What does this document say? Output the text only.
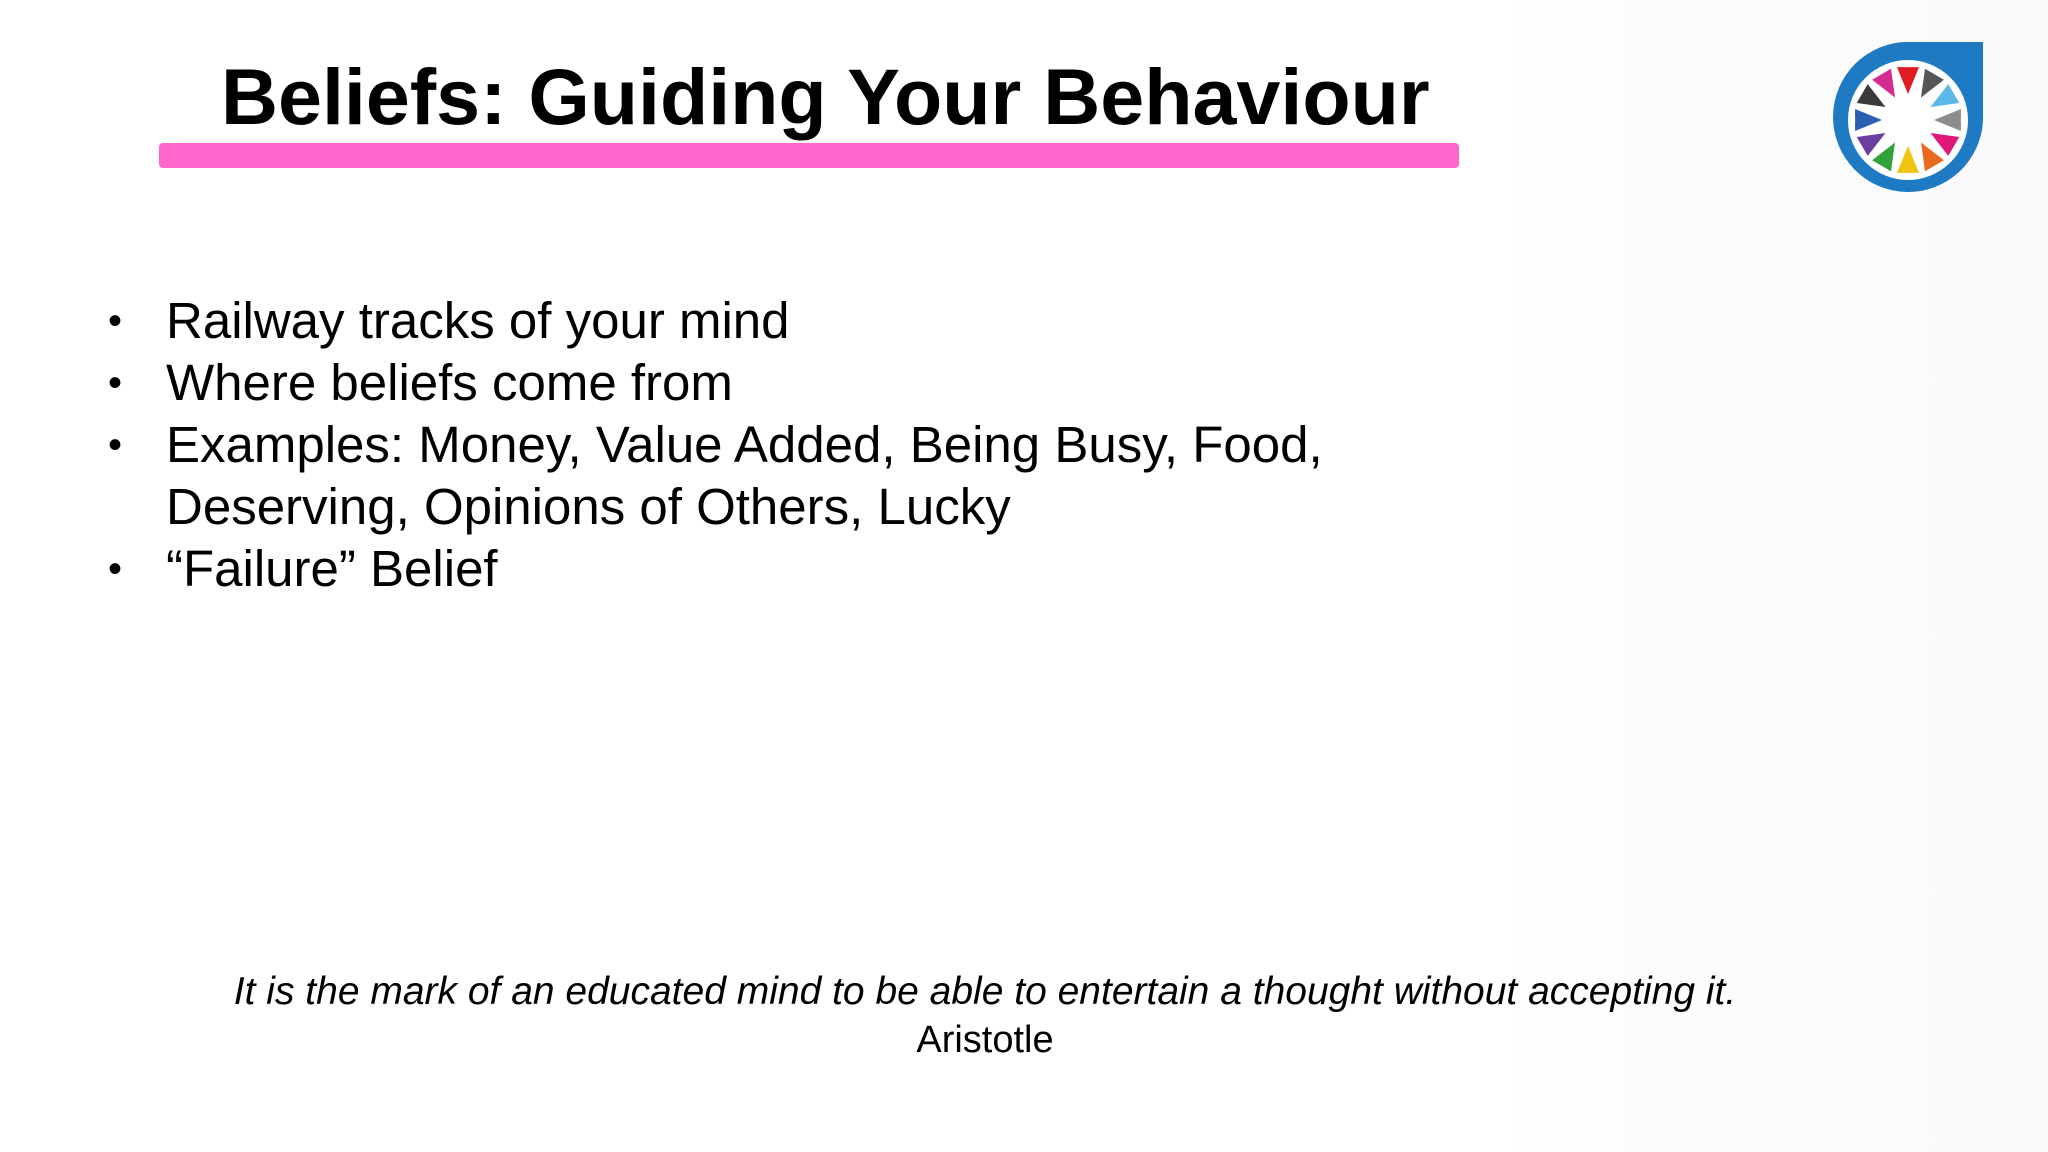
Beliefs: Guiding Your Behaviour
• Railway tracks of your mind
• Where beliefs come from
• Examples: Money, Value Added, Being Busy, Food,
Deserving, Opinions of Others, Lucky
• “Failure” Belief
It is the mark of an educated mind to be able to entertain a thought without accepting it.
Aristotle
